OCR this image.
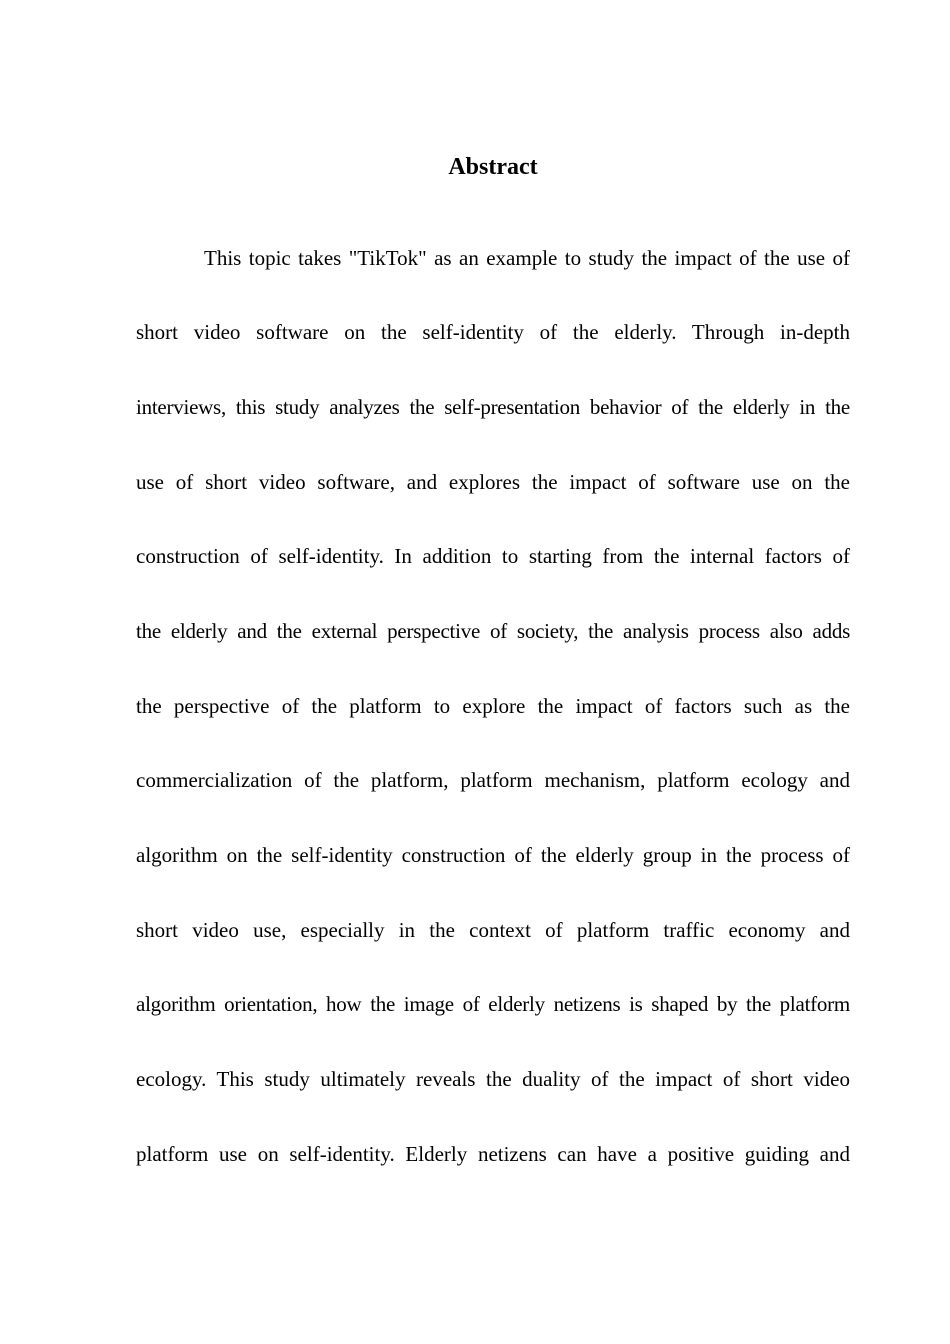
Abstract
This topic takes "TikTok" as an example to study the impact of the use of
short video software on the self-identity of the elderly. Through in-depth
interviews, this study analyzes the self-presentation behavior of the elderly in the
use of short video software, and explores the impact of software use on the
construction of self-identity. In addition to starting from the internal factors of
the elderly and the external perspective of society, the analysis process also adds
the perspective of the platform to explore the impact of factors such as the
commercialization of the platform, platform mechanism, platform ecology and
algorithm on the self-identity construction of the elderly group in the process of
short video use, especially in the context of platform traffic economy and
algorithm orientation, how the image of elderly netizens is shaped by the platform
ecology. This study ultimately reveals the duality of the impact of short video
platform use on self-identity. Elderly netizens can have a positive guiding and
